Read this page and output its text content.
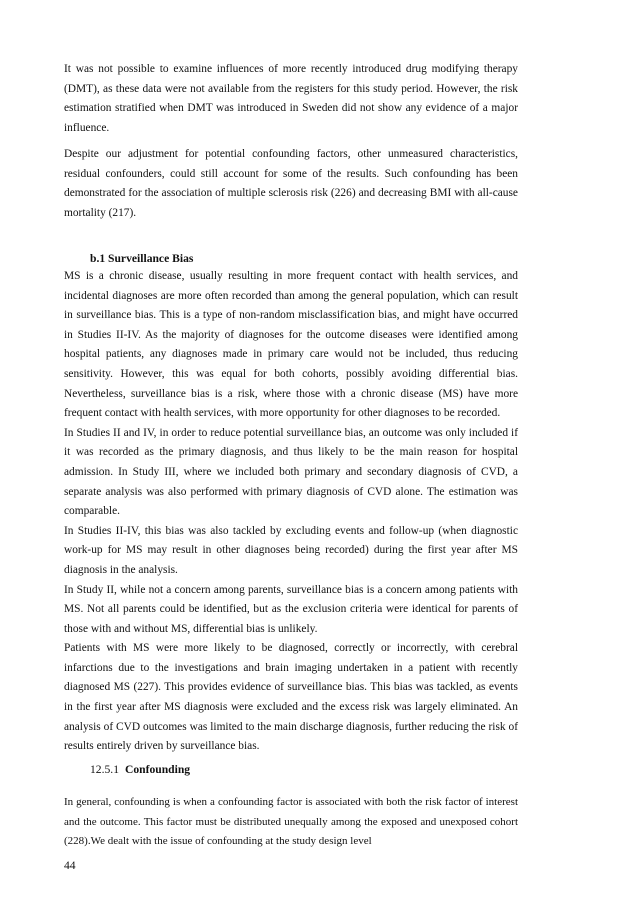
It was not possible to examine influences of more recently introduced drug modifying therapy (DMT), as these data were not available from the registers for this study period. However, the risk estimation stratified when DMT was introduced in Sweden did not show any evidence of a major influence.

Despite our adjustment for potential confounding factors, other unmeasured characteristics, residual confounders, could still account for some of the results. Such confounding has been demonstrated for the association of multiple sclerosis risk (226) and decreasing BMI with all-cause mortality (217).

b.1 Surveillance Bias

MS is a chronic disease, usually resulting in more frequent contact with health services, and incidental diagnoses are more often recorded than among the general population, which can result in surveillance bias. This is a type of non-random misclassification bias, and might have occurred in Studies II-IV. As the majority of diagnoses for the outcome diseases were identified among hospital patients, any diagnoses made in primary care would not be included, thus reducing sensitivity. However, this was equal for both cohorts, possibly avoiding differential bias. Nevertheless, surveillance bias is a risk, where those with a chronic disease (MS) have more frequent contact with health services, with more opportunity for other diagnoses to be recorded.

In Studies II and IV, in order to reduce potential surveillance bias, an outcome was only included if it was recorded as the primary diagnosis, and thus likely to be the main reason for hospital admission. In Study III, where we included both primary and secondary diagnosis of CVD, a separate analysis was also performed with primary diagnosis of CVD alone. The estimation was comparable.

In Studies II-IV, this bias was also tackled by excluding events and follow-up (when diagnostic work-up for MS may result in other diagnoses being recorded) during the first year after MS diagnosis in the analysis.

In Study II, while not a concern among parents, surveillance bias is a concern among patients with MS. Not all parents could be identified, but as the exclusion criteria were identical for parents of those with and without MS, differential bias is unlikely.

Patients with MS were more likely to be diagnosed, correctly or incorrectly, with cerebral infarctions due to the investigations and brain imaging undertaken in a patient with recently diagnosed MS (227). This provides evidence of surveillance bias. This bias was tackled, as events in the first year after MS diagnosis were excluded and the excess risk was largely eliminated. An analysis of CVD outcomes was limited to the main discharge diagnosis, further reducing the risk of results entirely driven by surveillance bias.

12.5.1 Confounding

In general, confounding is when a confounding factor is associated with both the risk factor of interest and the outcome. This factor must be distributed unequally among the exposed and unexposed cohort (228).We dealt with the issue of confounding at the study design level

44
